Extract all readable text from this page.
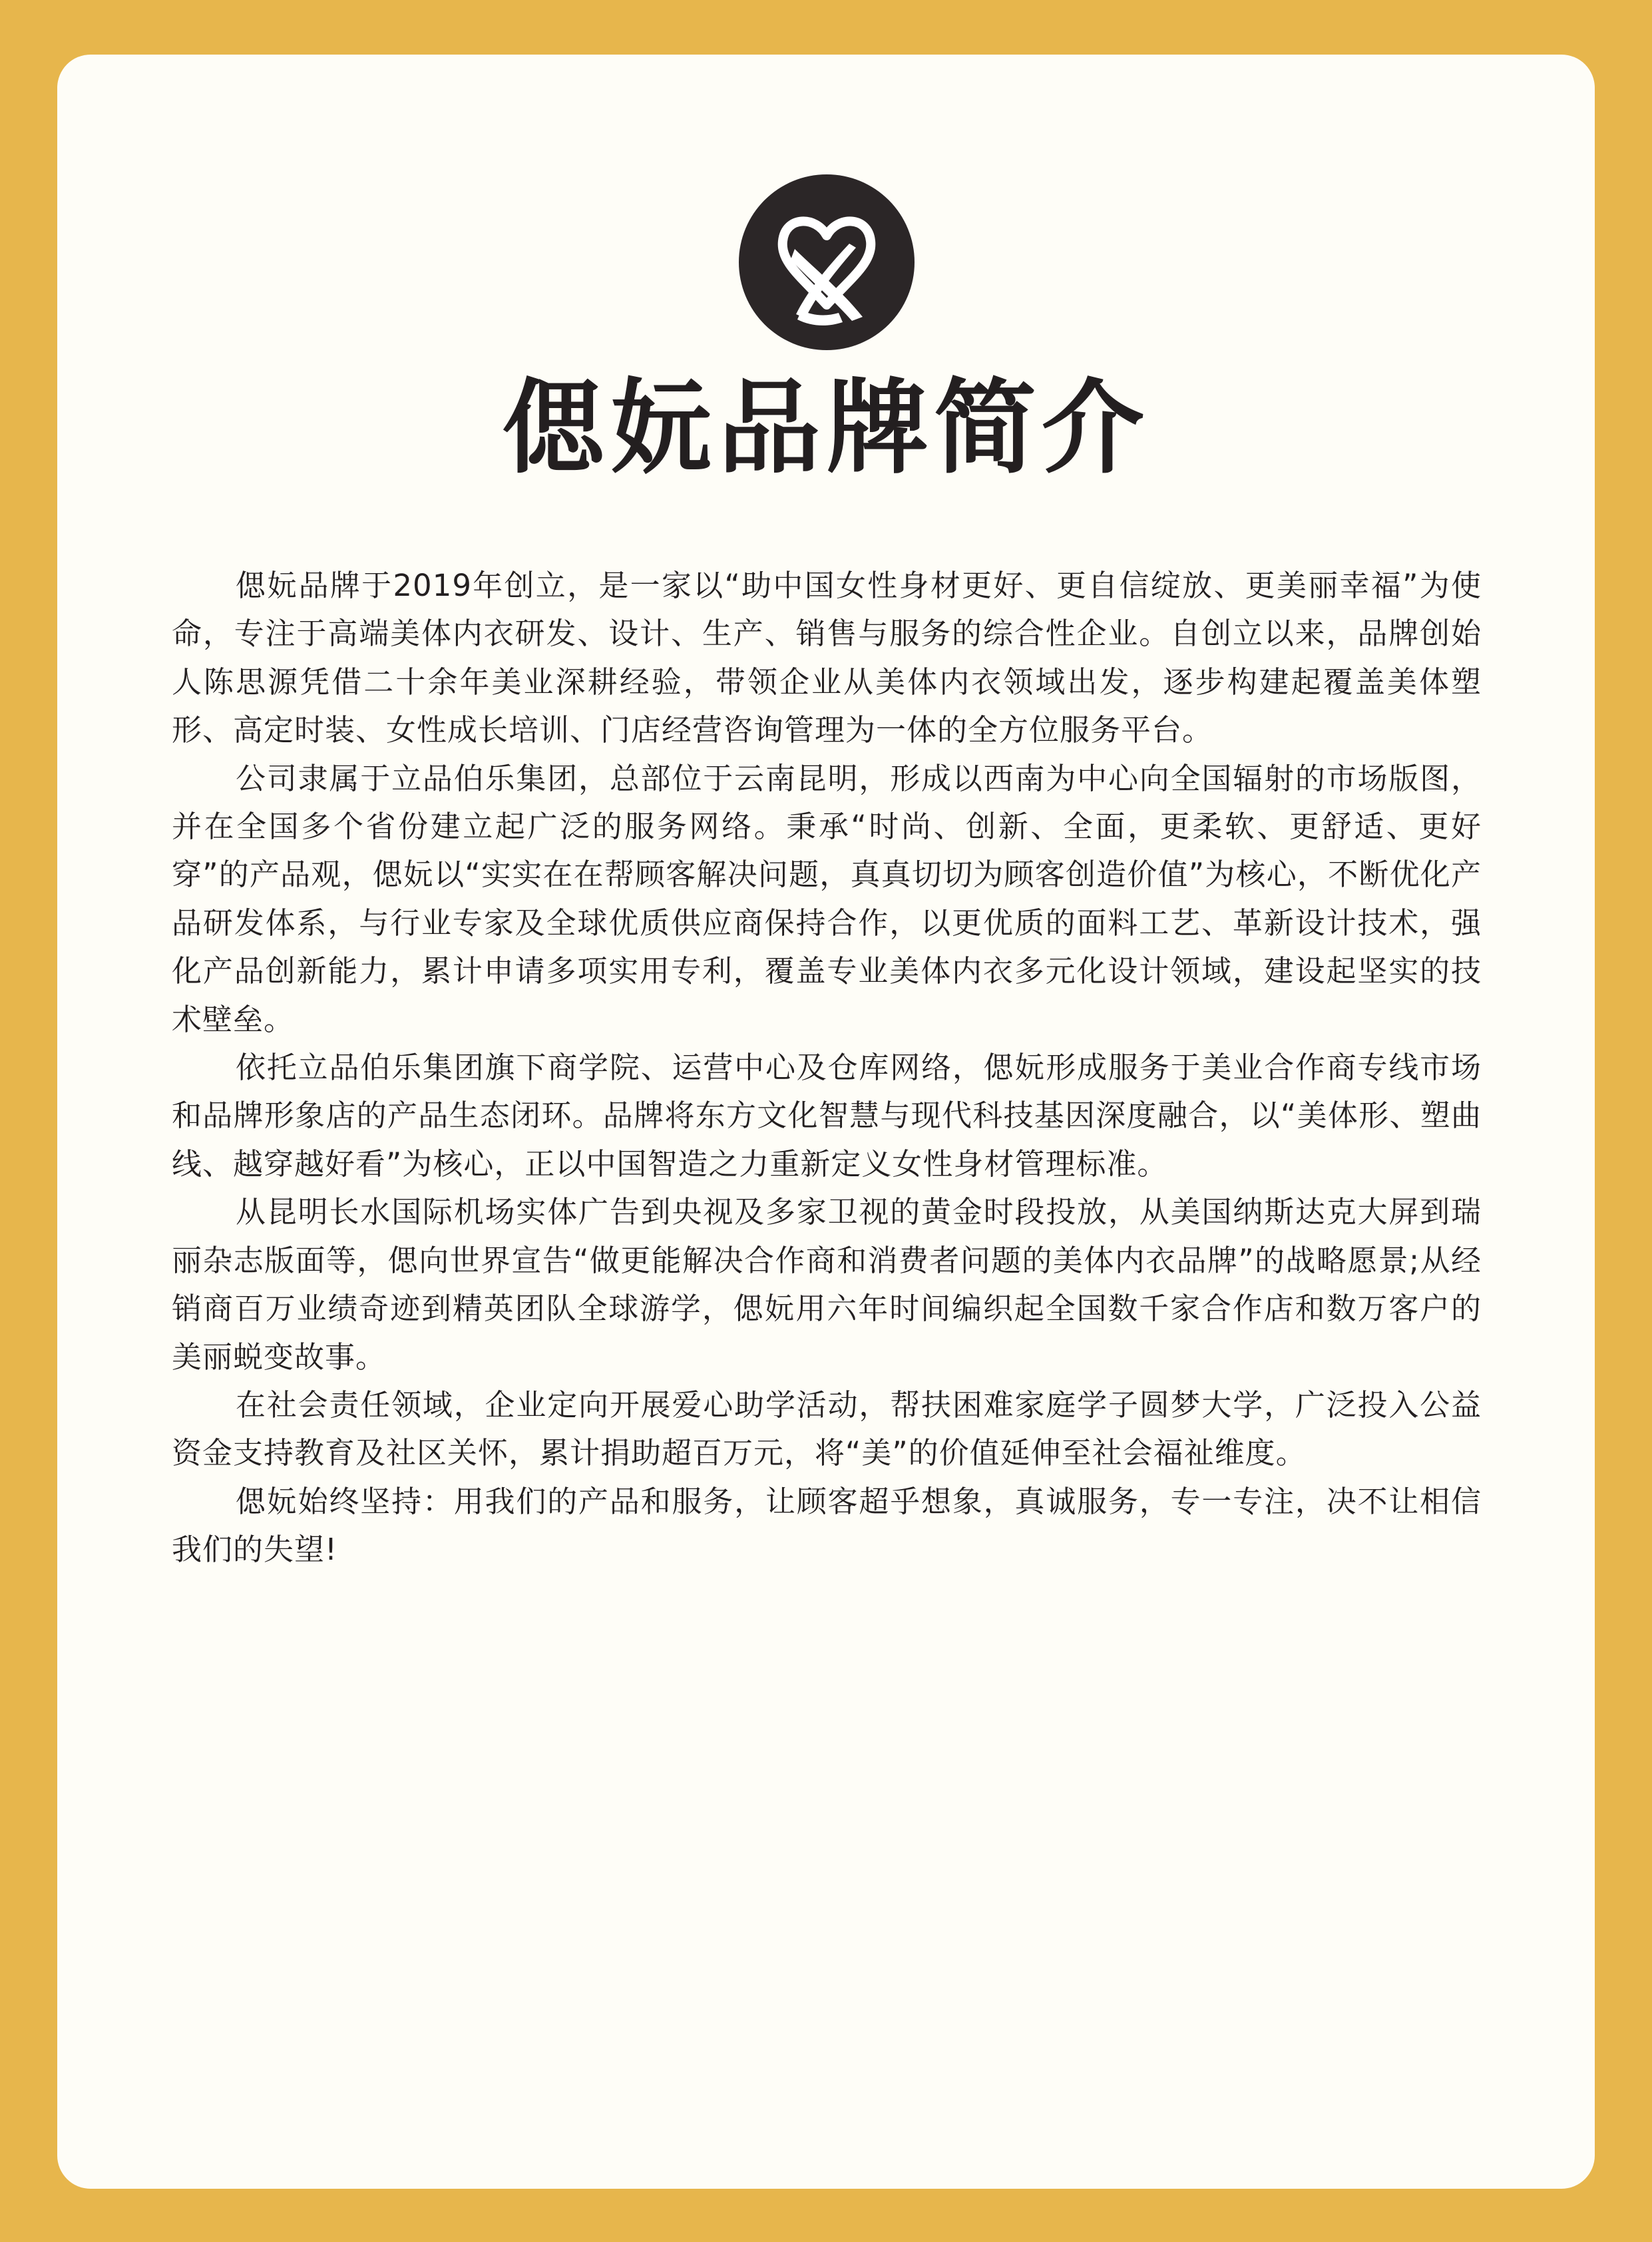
偲妧品牌简介

偲妧品牌于2019年创立，是一家以“助中国女性身材更好、更自信绽放、更美丽幸福”为使命，专注于高端美体内衣研发、设计、生产、销售与服务的综合性企业。自创立以来，品牌创始人陈思源凭借二十余年美业深耕经验，带领企业从美体内衣领域出发，逐步构建起覆盖美体塑形、高定时装、女性成长培训、门店经营咨询管理为一体的全方位服务平台。

公司隶属于立品伯乐集团，总部位于云南昆明，形成以西南为中心向全国辐射的市场版图，并在全国多个省份建立起广泛的服务网络。秉承“时尚、创新、全面，更柔软、更舒适、更好穿”的产品观，偲妧以“实实在在帮顾客解决问题，真真切切为顾客创造价值”为核心，不断优化产品研发体系，与行业专家及全球优质供应商保持合作，以更优质的面料工艺、革新设计技术，强化产品创新能力，累计申请多项实用专利，覆盖专业美体内衣多元化设计领域，建设起坚实的技术壁垒。

依托立品伯乐集团旗下商学院、运营中心及仓库网络，偲妧形成服务于美业合作商专线市场和品牌形象店的产品生态闭环。品牌将东方文化智慧与现代科技基因深度融合，以“美体形、塑曲线、越穿越好看”为核心，正以中国智造之力重新定义女性身材管理标准。

从昆明长水国际机场实体广告到央视及多家卫视的黄金时段投放，从美国纳斯达克大屏到瑞丽杂志版面等，偲向世界宣告“做更能解决合作商和消费者问题的美体内衣品牌”的战略愿景;从经销商百万业绩奇迹到精英团队全球游学，偲妧用六年时间编织起全国数千家合作店和数万客户的美丽蜕变故事。

在社会责任领域，企业定向开展爱心助学活动，帮扶困难家庭学子圆梦大学，广泛投入公益资金支持教育及社区关怀，累计捐助超百万元，将“美”的价值延伸至社会福祉维度。

偲妧始终坚持：用我们的产品和服务，让顾客超乎想象，真诚服务，专一专注，决不让相信我们的失望!
